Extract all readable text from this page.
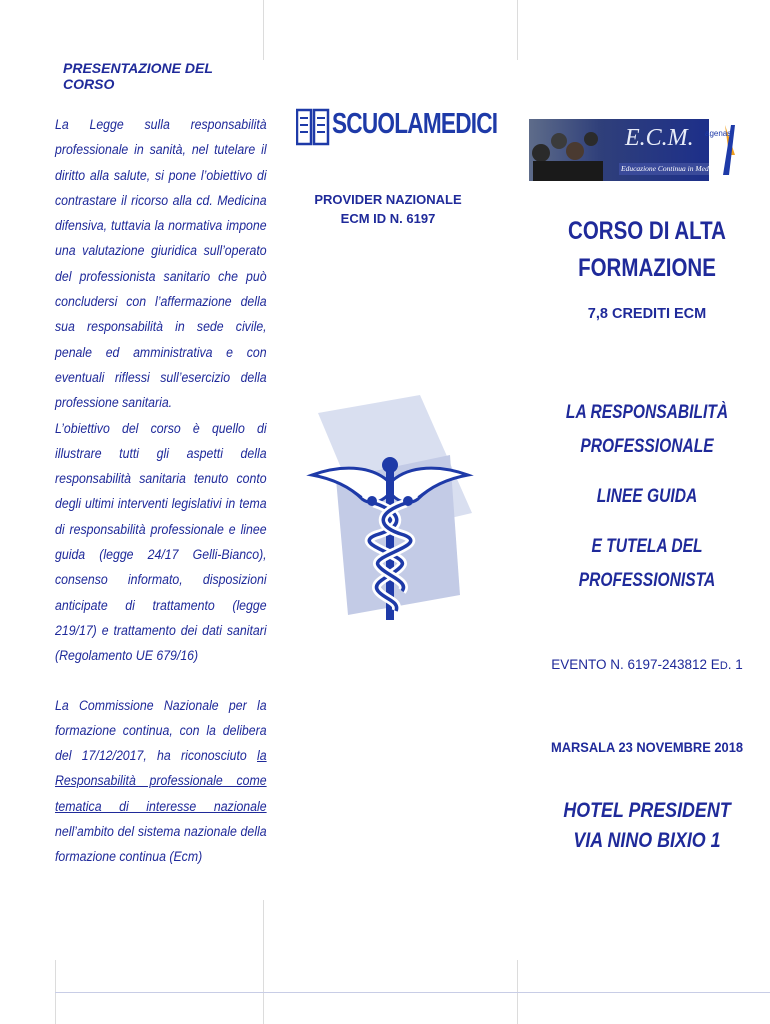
PRESENTAZIONE DEL CORSO

La Legge sulla responsabilità professionale in sanità, nel tutelare il diritto alla salute, si pone l’obiettivo di contrastare il ricorso alla cd. Medicina difensiva, tuttavia la normativa impone una valutazione giuridica sull’operato del professionista sanitario che può concludersi con l’affermazione della sua responsabilità in sede civile, penale ed amministrativa e con eventuali riflessi sull’esercizio della professione sanitaria.

L’obiettivo del corso è quello di illustrare tutti gli aspetti della responsabilità sanitaria tenuto conto degli ultimi interventi legislativi in tema di responsabilità professionale e linee guida (legge 24/17 Gelli-Bianco), consenso informato, disposizioni anticipate di trattamento (legge 219/17) e trattamento dei dati sanitari (Regolamento UE 679/16)

La Commissione Nazionale per la formazione continua, con la delibera del 17/12/2017, ha riconosciuto la Responsabilità professionale come tematica di interesse nazionale nell’ambito del sistema nazionale della formazione continua (Ecm)

SCUOLAMEDICI
PROVIDER NAZIONALE
ECM ID N. 6197
E.C.M.
Educazione Continua in Medicina
agenas
CORSO DI ALTA
FORMAZIONE
7,8 CREDITI ECM
LA RESPONSABILITÀ
PROFESSIONALE
LINEE GUIDA
E TUTELA DEL
PROFESSIONISTA
EVENTO N. 6197-243812 ED. 1
MARSALA 23 NOVEMBRE 2018
HOTEL PRESIDENT
VIA NINO BIXIO 1
